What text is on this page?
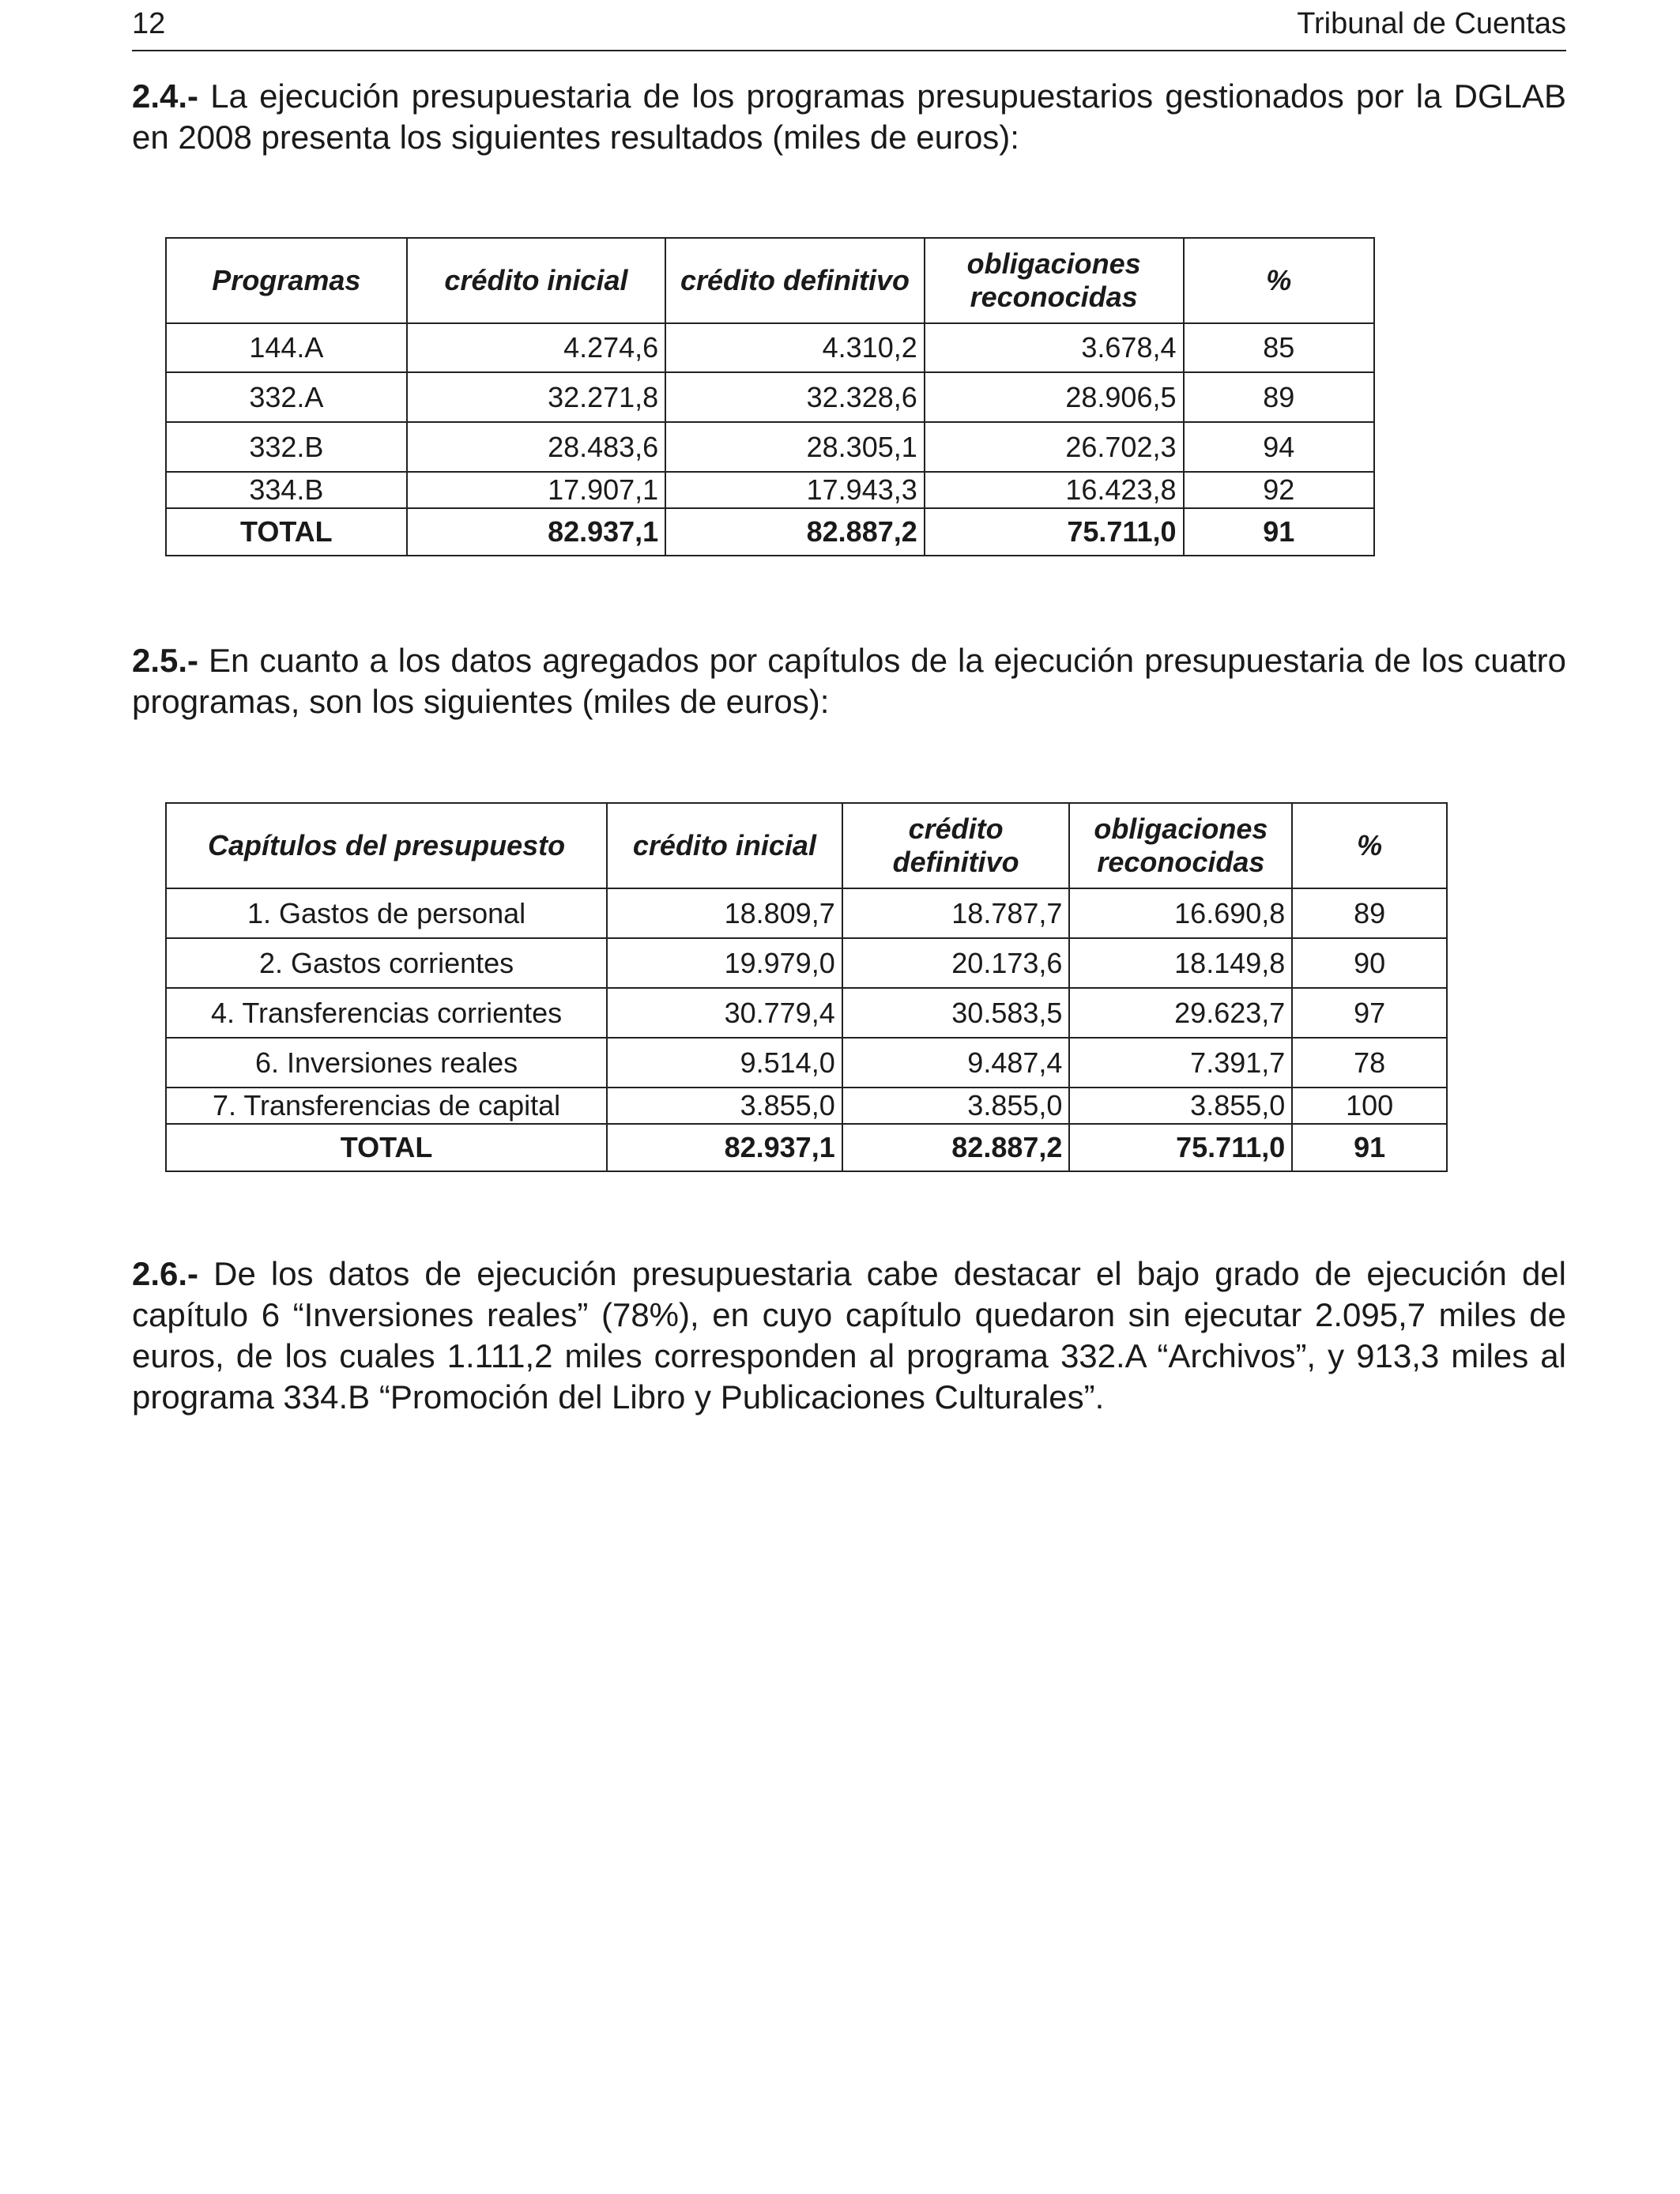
12	Tribunal de Cuentas

2.4.- La ejecución presupuestaria de los programas presupuestarios gestionados por la DGLAB en 2008 presenta los siguientes resultados (miles de euros):

Programas	crédito inicial	crédito definitivo	obligaciones reconocidas	%
144.A	4.274,6	4.310,2	3.678,4	85
332.A	32.271,8	32.328,6	28.906,5	89
332.B	28.483,6	28.305,1	26.702,3	94
334.B	17.907,1	17.943,3	16.423,8	92
TOTAL	82.937,1	82.887,2	75.711,0	91

2.5.- En cuanto a los datos agregados por capítulos de la ejecución presupuestaria de los cuatro programas, son los siguientes (miles de euros):

Capítulos del presupuesto	crédito inicial	crédito definitivo	obligaciones reconocidas	%
1. Gastos de personal	18.809,7	18.787,7	16.690,8	89
2. Gastos corrientes	19.979,0	20.173,6	18.149,8	90
4. Transferencias corrientes	30.779,4	30.583,5	29.623,7	97
6. Inversiones reales	9.514,0	9.487,4	7.391,7	78
7. Transferencias de capital	3.855,0	3.855,0	3.855,0	100
TOTAL	82.937,1	82.887,2	75.711,0	91

2.6.- De los datos de ejecución presupuestaria cabe destacar el bajo grado de ejecución del capítulo 6 “Inversiones reales” (78%), en cuyo capítulo quedaron sin ejecutar 2.095,7 miles de euros, de los cuales 1.111,2 miles corresponden al programa 332.A “Archivos”, y 913,3 miles al programa 334.B “Promoción del Libro y Publicaciones Culturales”.
